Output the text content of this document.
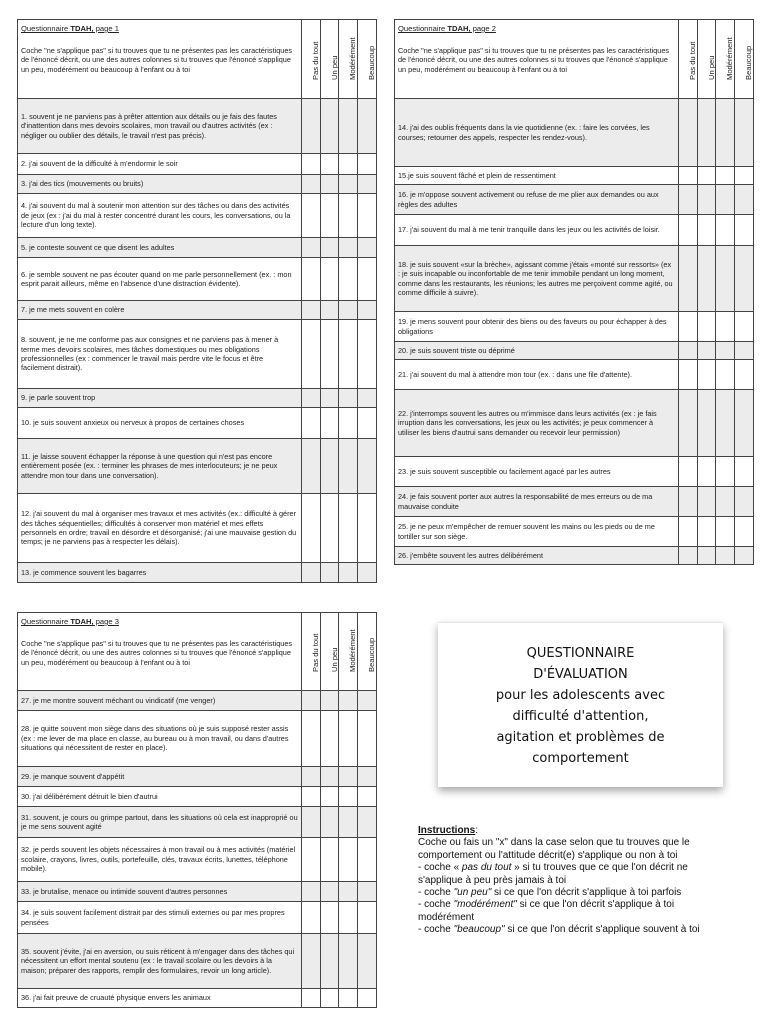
Questionnaire TDAH, page 1
Coche "ne s'applique pas" si tu trouves que tu ne présentes pas les caractéristiques de l'énoncé décrit, ou une des autres colonnes si tu trouves que l'énoncé s'applique un peu, modérément ou beaucoup à l'enfant ou à toi	Pas du tout	Un peu	Modérément	Beaucoup

1. souvent je ne parviens pas à prêter attention aux détails ou je fais des fautes d'inattention dans mes devoirs scolaires, mon travail ou d'autres activités (ex : négliger ou oublier des détails, le travail n'est pas précis).				
2. j'ai souvent de la difficulté à m'endormir le soir				
3. j'ai des tics (mouvements ou bruits)				
4. j'ai souvent du mal à soutenir mon attention sur des tâches ou dans des activités de jeux (ex : j'ai du mal à rester concentré durant les cours, les conversations, ou la lecture d'un long texte).				
5. je conteste souvent ce que disent les adultes				
6. je semble souvent ne pas écouter quand on me parle personnellement (ex. : mon esprit parait ailleurs, même en l'absence d'une distraction évidente).				
7. je me mets souvent en colère				
8. souvent, je ne me conforme pas aux consignes et ne parviens pas à mener à terme mes devoirs scolaires, mes tâches domestiques ou mes obligations professionnelles (ex : commencer le travail mais perdre vite le focus et être facilement distrait).				
9. je parle souvent trop				
10. je suis souvent anxieux ou nerveux à propos de certaines choses				
11. je laisse souvent échapper la réponse à une question qui n'est pas encore entièrement posée (ex. : terminer les phrases de mes interlocuteurs; je ne peux attendre mon tour dans une conversation).				
12. j'ai souvent du mal à organiser mes travaux et mes activités (ex.: difficulté à gérer des tâches séquentielles; difficultés à conserver mon matériel et mes effets personnels en ordre; travail en désordre et désorganisé; j'ai une mauvaise gestion du temps; je ne parviens pas à respecter les délais).				
13. je commence souvent les bagarres				
Questionnaire TDAH, page 2
Coche "ne s'applique pas" si tu trouves que tu ne présentes pas les caractéristiques de l'énoncé décrit, ou une des autres colonnes si tu trouves que l'énoncé s'applique un peu, modérément ou beaucoup à l'enfant ou à toi	Pas du tout	Un peu	Modérément	Beaucoup

14. j'ai des oublis fréquents dans la vie quotidienne (ex. : faire les corvées, les courses; retourner des appels, respecter les rendez-vous).				
15.je suis souvent fâché et plein de ressentiment				
16. je m'oppose souvent activement ou refuse de me plier aux demandes ou aux règles des adultes				
17. j'ai souvent du mal à me tenir tranquille dans les jeux ou les activités de loisir.				
18. je suis souvent «sur la brèche», agissant comme j'étais «monté sur ressorts» (ex : je suis incapable ou inconfortable de me tenir immobile pendant un long moment, comme dans les restaurants, les réunions; les autres me perçoivent comme agité, ou comme difficile à suivre).				
19. je mens souvent pour obtenir des biens ou des faveurs ou pour échapper à des obligations				
20. je suis souvent triste ou déprimé				
21. j'ai souvent du mal à attendre mon tour (ex. : dans une file d'attente).				
22. j'interromps souvent les autres ou m'immisce dans leurs activités (ex : je fais irruption dans les conversations, les jeux ou les activités; je peux commencer à utiliser les biens d'autrui sans demander ou recevoir leur permission)				
23. je suis souvent susceptible ou facilement agacé par les autres				
24. je fais souvent porter aux autres la responsabilité de mes erreurs ou de ma mauvaise conduite				
25. je ne peux m'empêcher de remuer souvent les mains ou les pieds ou de me tortiller sur son siège.				
26. j'embête souvent les autres délibérément				
Questionnaire TDAH, page 3
Coche "ne s'applique pas" si tu trouves que tu ne présentes pas les caractéristiques de l'énoncé décrit, ou une des autres colonnes si tu trouves que l'énoncé s'applique un peu, modérément ou beaucoup à l'enfant ou à toi	Pas du tout	Un peu	Modérément	Beaucoup

27. je me montre souvent méchant ou vindicatif (me venger)				
28. je quitte souvent mon siège dans des situations où je suis supposé rester assis (ex : me lever de ma place en classe, au bureau ou à mon travail, ou dans d'autres situations qui nécessitent de rester en place).				
29. je manque souvent d'appétit				
30. j'ai délibérément détruit le bien d'autrui				
31. souvent, je cours ou grimpe partout, dans les situations où cela est inapproprié ou je me sens souvent agité				
32. je perds souvent les objets nécessaires à mon travail ou à mes activités (matériel scolaire, crayons, livres, outils, portefeuille, clés, travaux écrits, lunettes, téléphone mobile).				
33. je brutalise, menace ou intimide souvent d'autres personnes				
34. je suis souvent facilement distrait par des stimuli externes ou par mes propres pensées				
35. souvent j'évite, j'ai en aversion, ou suis réticent à m'engager dans des tâches qui nécessitent un effort mental soutenu (ex : le travail scolaire ou les devoirs à la maison; préparer des rapports, remplir des formulaires, revoir un long article).				
36. j'ai fait preuve de cruauté physique envers les animaux				
QUESTIONNAIRE
D'ÉVALUATION
pour les adolescents avec
difficulté d'attention,
agitation et problèmes de
comportement
Instructions:
Coche ou fais un "x" dans la case selon que tu trouves que le comportement ou l'attitude décrit(e) s'applique ou non à toi
- coche « pas du tout » si tu trouves que ce que l'on décrit ne s'applique à peu près jamais à toi
- coche "un peu" si ce que l'on décrit s'applique à toi parfois
- coche "modérément" si ce que l'on décrit s'applique à toi modérément
- coche "beaucoup" si ce que l'on décrit s'applique souvent à toi
